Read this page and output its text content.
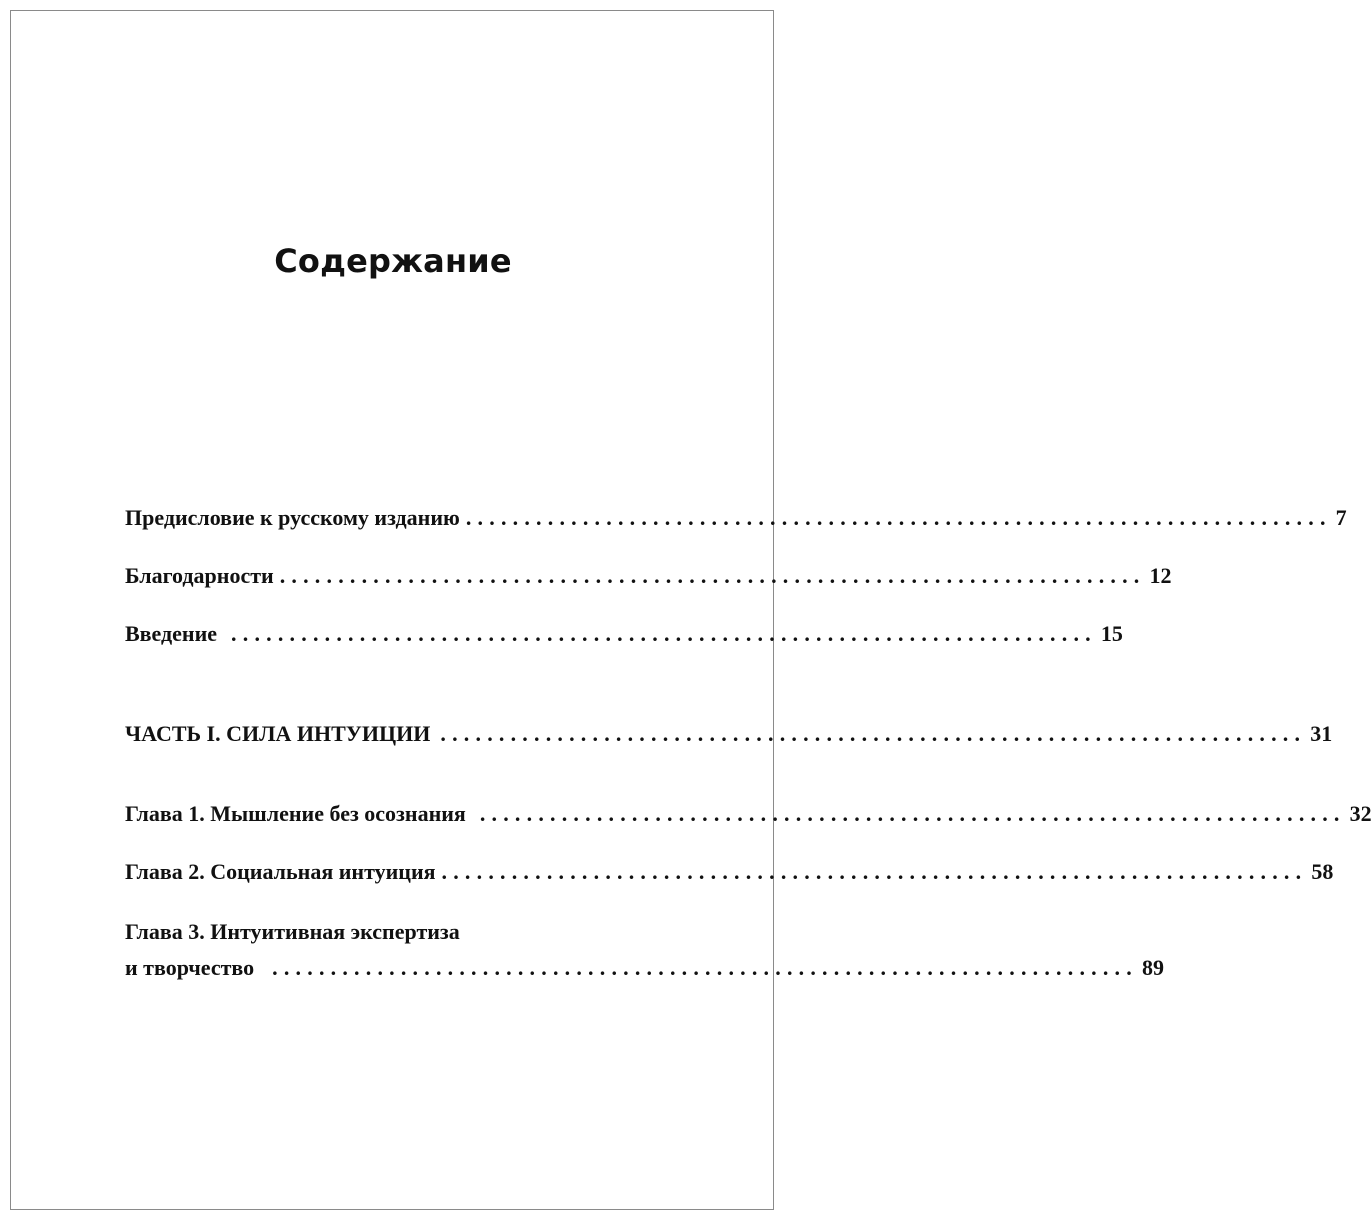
Содержание
Предисловие к русскому изданию .......................................................................... 7
Благодарности .......................................................................... 12
Введение .......................................................................... 15
ЧАСТЬ I. СИЛА ИНТУИЦИИ .......................................................................... 31
Глава 1. Мышление без осознания .......................................................................... 32
Глава 2. Социальная интуиция .......................................................................... 58
Глава 3. Интуитивная экспертиза
и творчество .......................................................................... 89
